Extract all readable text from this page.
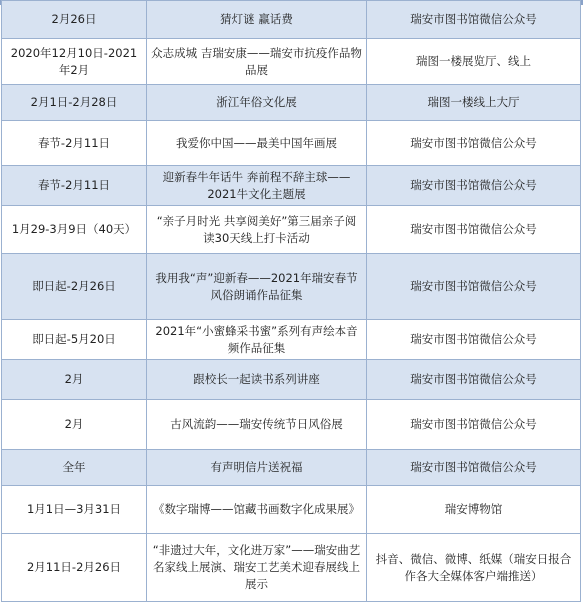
2月26日	猜灯谜 赢话费	瑞安市图书馆微信公众号
2020年12月10日-2021年2月	众志成城 吉瑞安康——瑞安市抗疫作品物品展	瑞图一楼展览厅、线上
2月1日-2月28日	浙江年俗文化展	瑞图一楼线上大厅
春节-2月11日	我爱你中国——最美中国年画展	瑞安市图书馆微信公众号
春节-2月11日	迎新春牛年话牛 奔前程不辞主球——2021牛文化主题展	瑞安市图书馆微信公众号
1月29-3月9日（40天）	“亲子月时光 共享阅美好”第三届亲子阅读30天线上打卡活动	瑞安市图书馆微信公众号
即日起-2月26日	我用我“声”迎新春——2021年瑞安春节风俗朗诵作品征集	瑞安市图书馆微信公众号
即日起-5月20日	2021年“小蜜蜂采书蜜”系列有声绘本音频作品征集	瑞安市图书馆微信公众号
2月	跟校长一起读书系列讲座	瑞安市图书馆微信公众号
2月	古风流韵——瑞安传统节日风俗展	瑞安市图书馆微信公众号
全年	有声明信片送祝福	瑞安市图书馆微信公众号
1月1日—3月31日	《数字瑞博——馆藏书画数字化成果展》	瑞安博物馆
2月11日-2月26日	“非遗过大年，文化进万家”——瑞安曲艺名家线上展演、瑞安工艺美术迎春展线上展示	抖音、微信、微博、纸媒（瑞安日报合作各大全媒体客户端推送）
